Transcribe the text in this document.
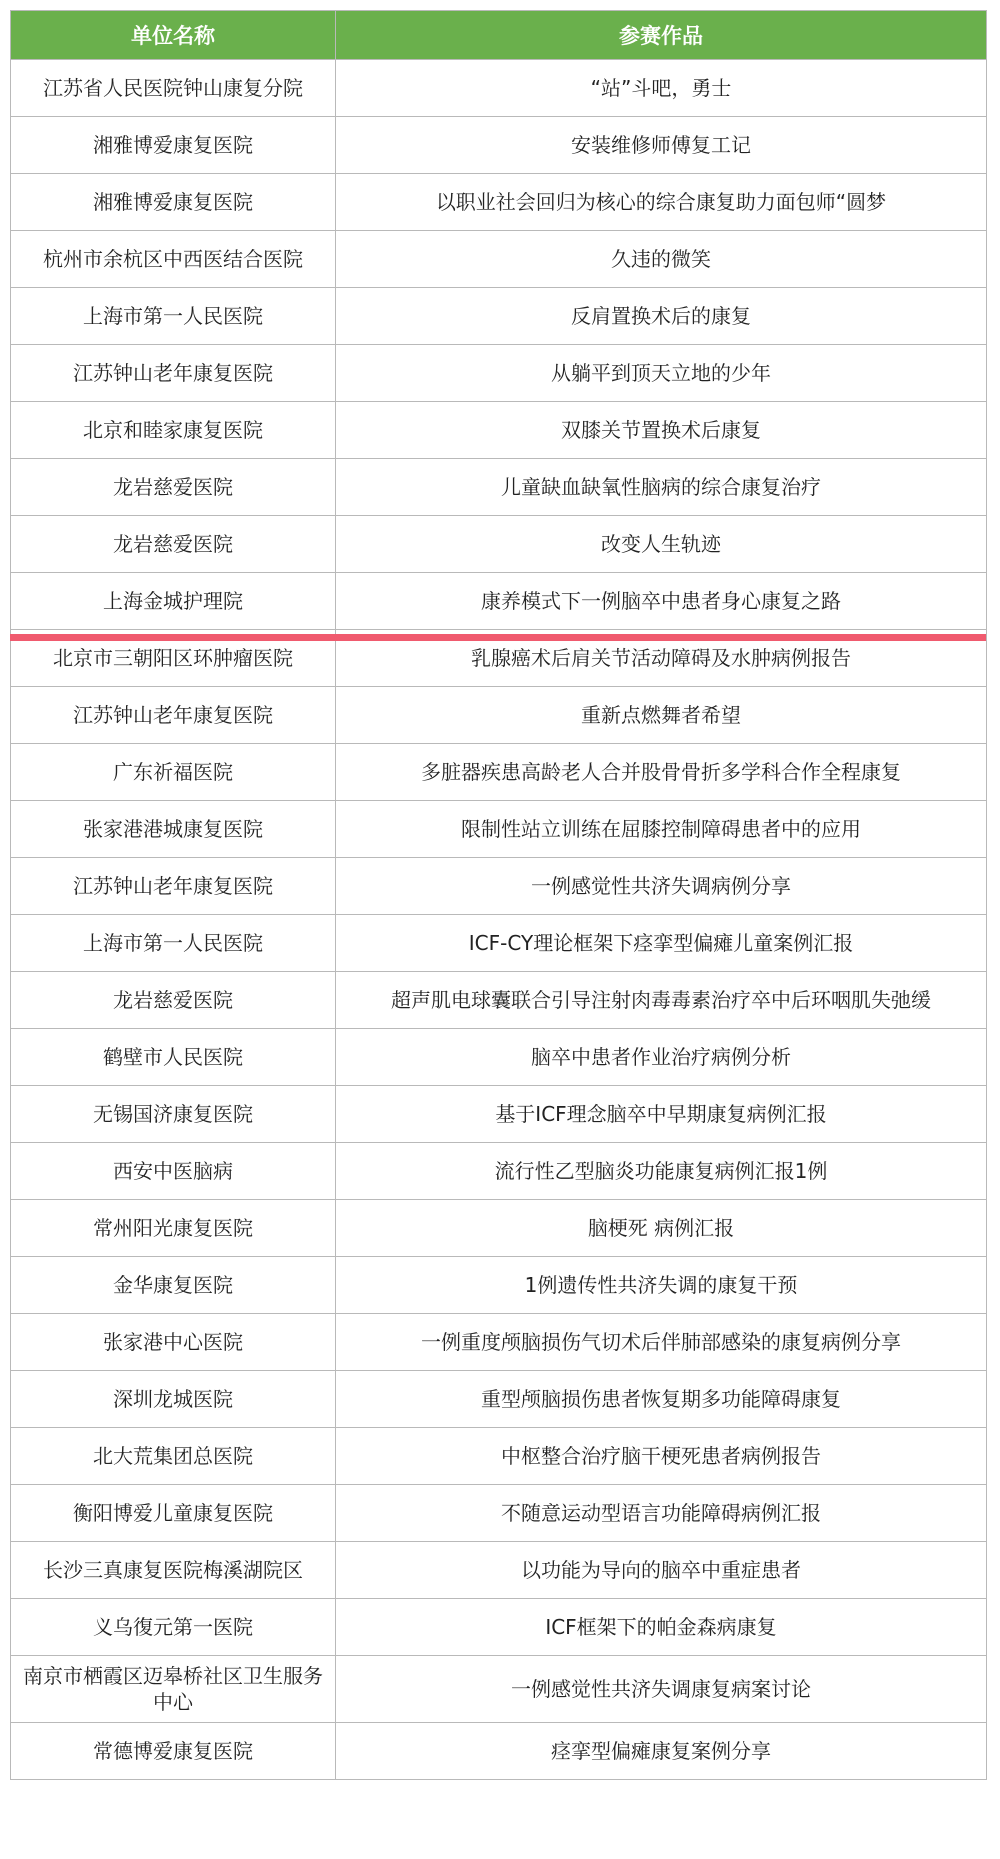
单位名称	参赛作品
江苏省人民医院钟山康复分院	“站”斗吧，勇士
湘雅博爱康复医院	安装维修师傅复工记
湘雅博爱康复医院	以职业社会回归为核心的综合康复助力面包师“圆梦
杭州市余杭区中西医结合医院	久违的微笑
上海市第一人民医院	反肩置换术后的康复
江苏钟山老年康复医院	从躺平到顶天立地的少年
北京和睦家康复医院	双膝关节置换术后康复
龙岩慈爱医院	儿童缺血缺氧性脑病的综合康复治疗
龙岩慈爱医院	改变人生轨迹
上海金城护理院	康养模式下一例脑卒中患者身心康复之路
北京市三朝阳区环肿瘤医院	乳腺癌术后肩关节活动障碍及水肿病例报告
江苏钟山老年康复医院	重新点燃舞者希望
广东祈福医院	多脏器疾患高龄老人合并股骨骨折多学科合作全程康复
张家港港城康复医院	限制性站立训练在屈膝控制障碍患者中的应用
江苏钟山老年康复医院	一例感觉性共济失调病例分享
上海市第一人民医院	ICF-CY理论框架下痉挛型偏瘫儿童案例汇报
龙岩慈爱医院	超声肌电球囊联合引导注射肉毒毒素治疗卒中后环咽肌失弛缓
鹤壁市人民医院	脑卒中患者作业治疗病例分析
无锡国济康复医院	基于ICF理念脑卒中早期康复病例汇报
西安中医脑病	流行性乙型脑炎功能康复病例汇报1例
常州阳光康复医院	脑梗死 病例汇报
金华康复医院	1例遗传性共济失调的康复干预
张家港中心医院	一例重度颅脑损伤气切术后伴肺部感染的康复病例分享
深圳龙城医院	重型颅脑损伤患者恢复期多功能障碍康复
北大荒集团总医院	中枢整合治疗脑干梗死患者病例报告
衡阳博爱儿童康复医院	不随意运动型语言功能障碍病例汇报
长沙三真康复医院梅溪湖院区	以功能为导向的脑卒中重症患者
义乌復元第一医院	ICF框架下的帕金森病康复
南京市栖霞区迈皋桥社区卫生服务中心	一例感觉性共济失调康复病案讨论
常德博爱康复医院	痉挛型偏瘫康复案例分享
